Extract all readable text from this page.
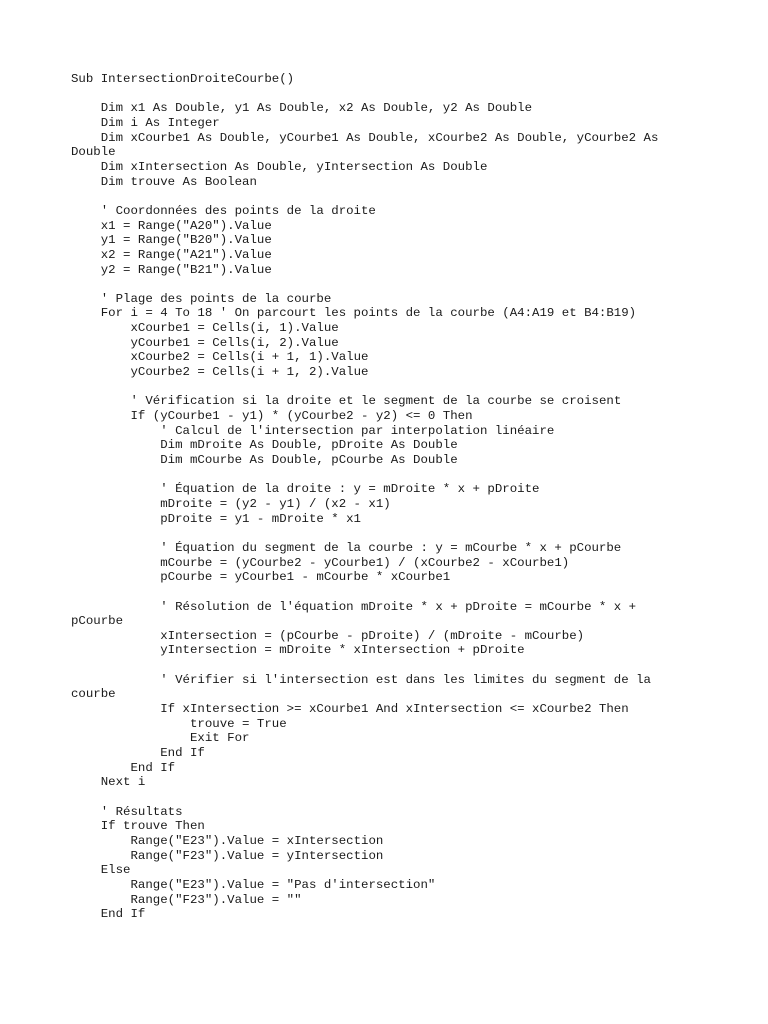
Sub IntersectionDroiteCourbe()
Dim x1 As Double, y1 As Double, x2 As Double, y2 As Double
Dim i As Integer
Dim xCourbe1 As Double, yCourbe1 As Double, xCourbe2 As Double, yCourbe2 As Double
Dim xIntersection As Double, yIntersection As Double
Dim trouve As Boolean
' Coordonnées des points de la droite
x1 = Range("A20").Value
y1 = Range("B20").Value
x2 = Range("A21").Value
y2 = Range("B21").Value
' Plage des points de la courbe
For i = 4 To 18 ' On parcourt les points de la courbe (A4:A19 et B4:B19)
xCourbe1 = Cells(i, 1).Value
yCourbe1 = Cells(i, 2).Value
xCourbe2 = Cells(i + 1, 1).Value
yCourbe2 = Cells(i + 1, 2).Value
' Vérification si la droite et le segment de la courbe se croisent
If (yCourbe1 - y1) * (yCourbe2 - y2) <= 0 Then
' Calcul de l'intersection par interpolation linéaire
Dim mDroite As Double, pDroite As Double
Dim mCourbe As Double, pCourbe As Double
' Équation de la droite : y = mDroite * x + pDroite
mDroite = (y2 - y1) / (x2 - x1)
pDroite = y1 - mDroite * x1
' Équation du segment de la courbe : y = mCourbe * x + pCourbe
mCourbe = (yCourbe2 - yCourbe1) / (xCourbe2 - xCourbe1)
pCourbe = yCourbe1 - mCourbe * xCourbe1
' Résolution de l'équation mDroite * x + pDroite = mCourbe * x + pCourbe
xIntersection = (pCourbe - pDroite) / (mDroite - mCourbe)
yIntersection = mDroite * xIntersection + pDroite
' Vérifier si l'intersection est dans les limites du segment de la courbe
If xIntersection >= xCourbe1 And xIntersection <= xCourbe2 Then
trouve = True
Exit For
End If
End If
Next i
' Résultats
If trouve Then
Range("E23").Value = xIntersection
Range("F23").Value = yIntersection
Else
Range("E23").Value = "Pas d'intersection"
Range("F23").Value = ""
End If
